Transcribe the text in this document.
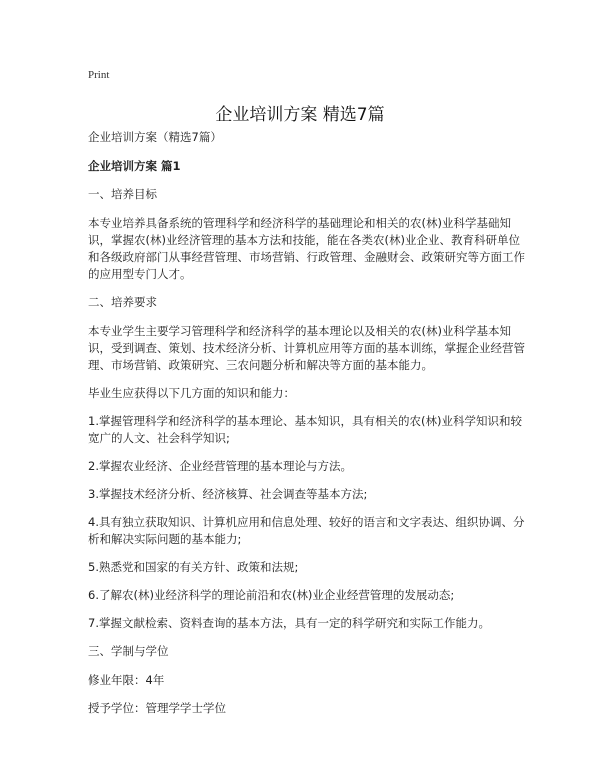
Print
企业培训方案 精选7篇
企业培训方案（精选7篇）
企业培训方案 篇1
一、培养目标
本专业培养具备系统的管理科学和经济科学的基础理论和相关的农(林)业科学基础知识，掌握农(林)业经济管理的基本方法和技能，能在各类农(林)业企业、教育科研单位和各级政府部门从事经营管理、市场营销、行政管理、金融财会、政策研究等方面工作的应用型专门人才。
二、培养要求
本专业学生主要学习管理科学和经济科学的基本理论以及相关的农(林)业科学基本知识，受到调查、策划、技术经济分析、计算机应用等方面的基本训练，掌握企业经营管理、市场营销、政策研究、三农问题分析和解决等方面的基本能力。
毕业生应获得以下几方面的知识和能力：
1.掌握管理科学和经济科学的基本理论、基本知识，具有相关的农(林)业科学知识和较宽广的人文、社会科学知识;
2.掌握农业经济、企业经营管理的基本理论与方法。
3.掌握技术经济分析、经济核算、社会调查等基本方法;
4.具有独立获取知识、计算机应用和信息处理、较好的语言和文字表达、组织协调、分析和解决实际问题的基本能力;
5.熟悉党和国家的有关方针、政策和法规;
6.了解农(林)业经济科学的理论前沿和农(林)业企业经营管理的发展动态;
7.掌握文献检索、资料查询的基本方法，具有一定的科学研究和实际工作能力。
三、学制与学位
修业年限：4年
授予学位：管理学学士学位
